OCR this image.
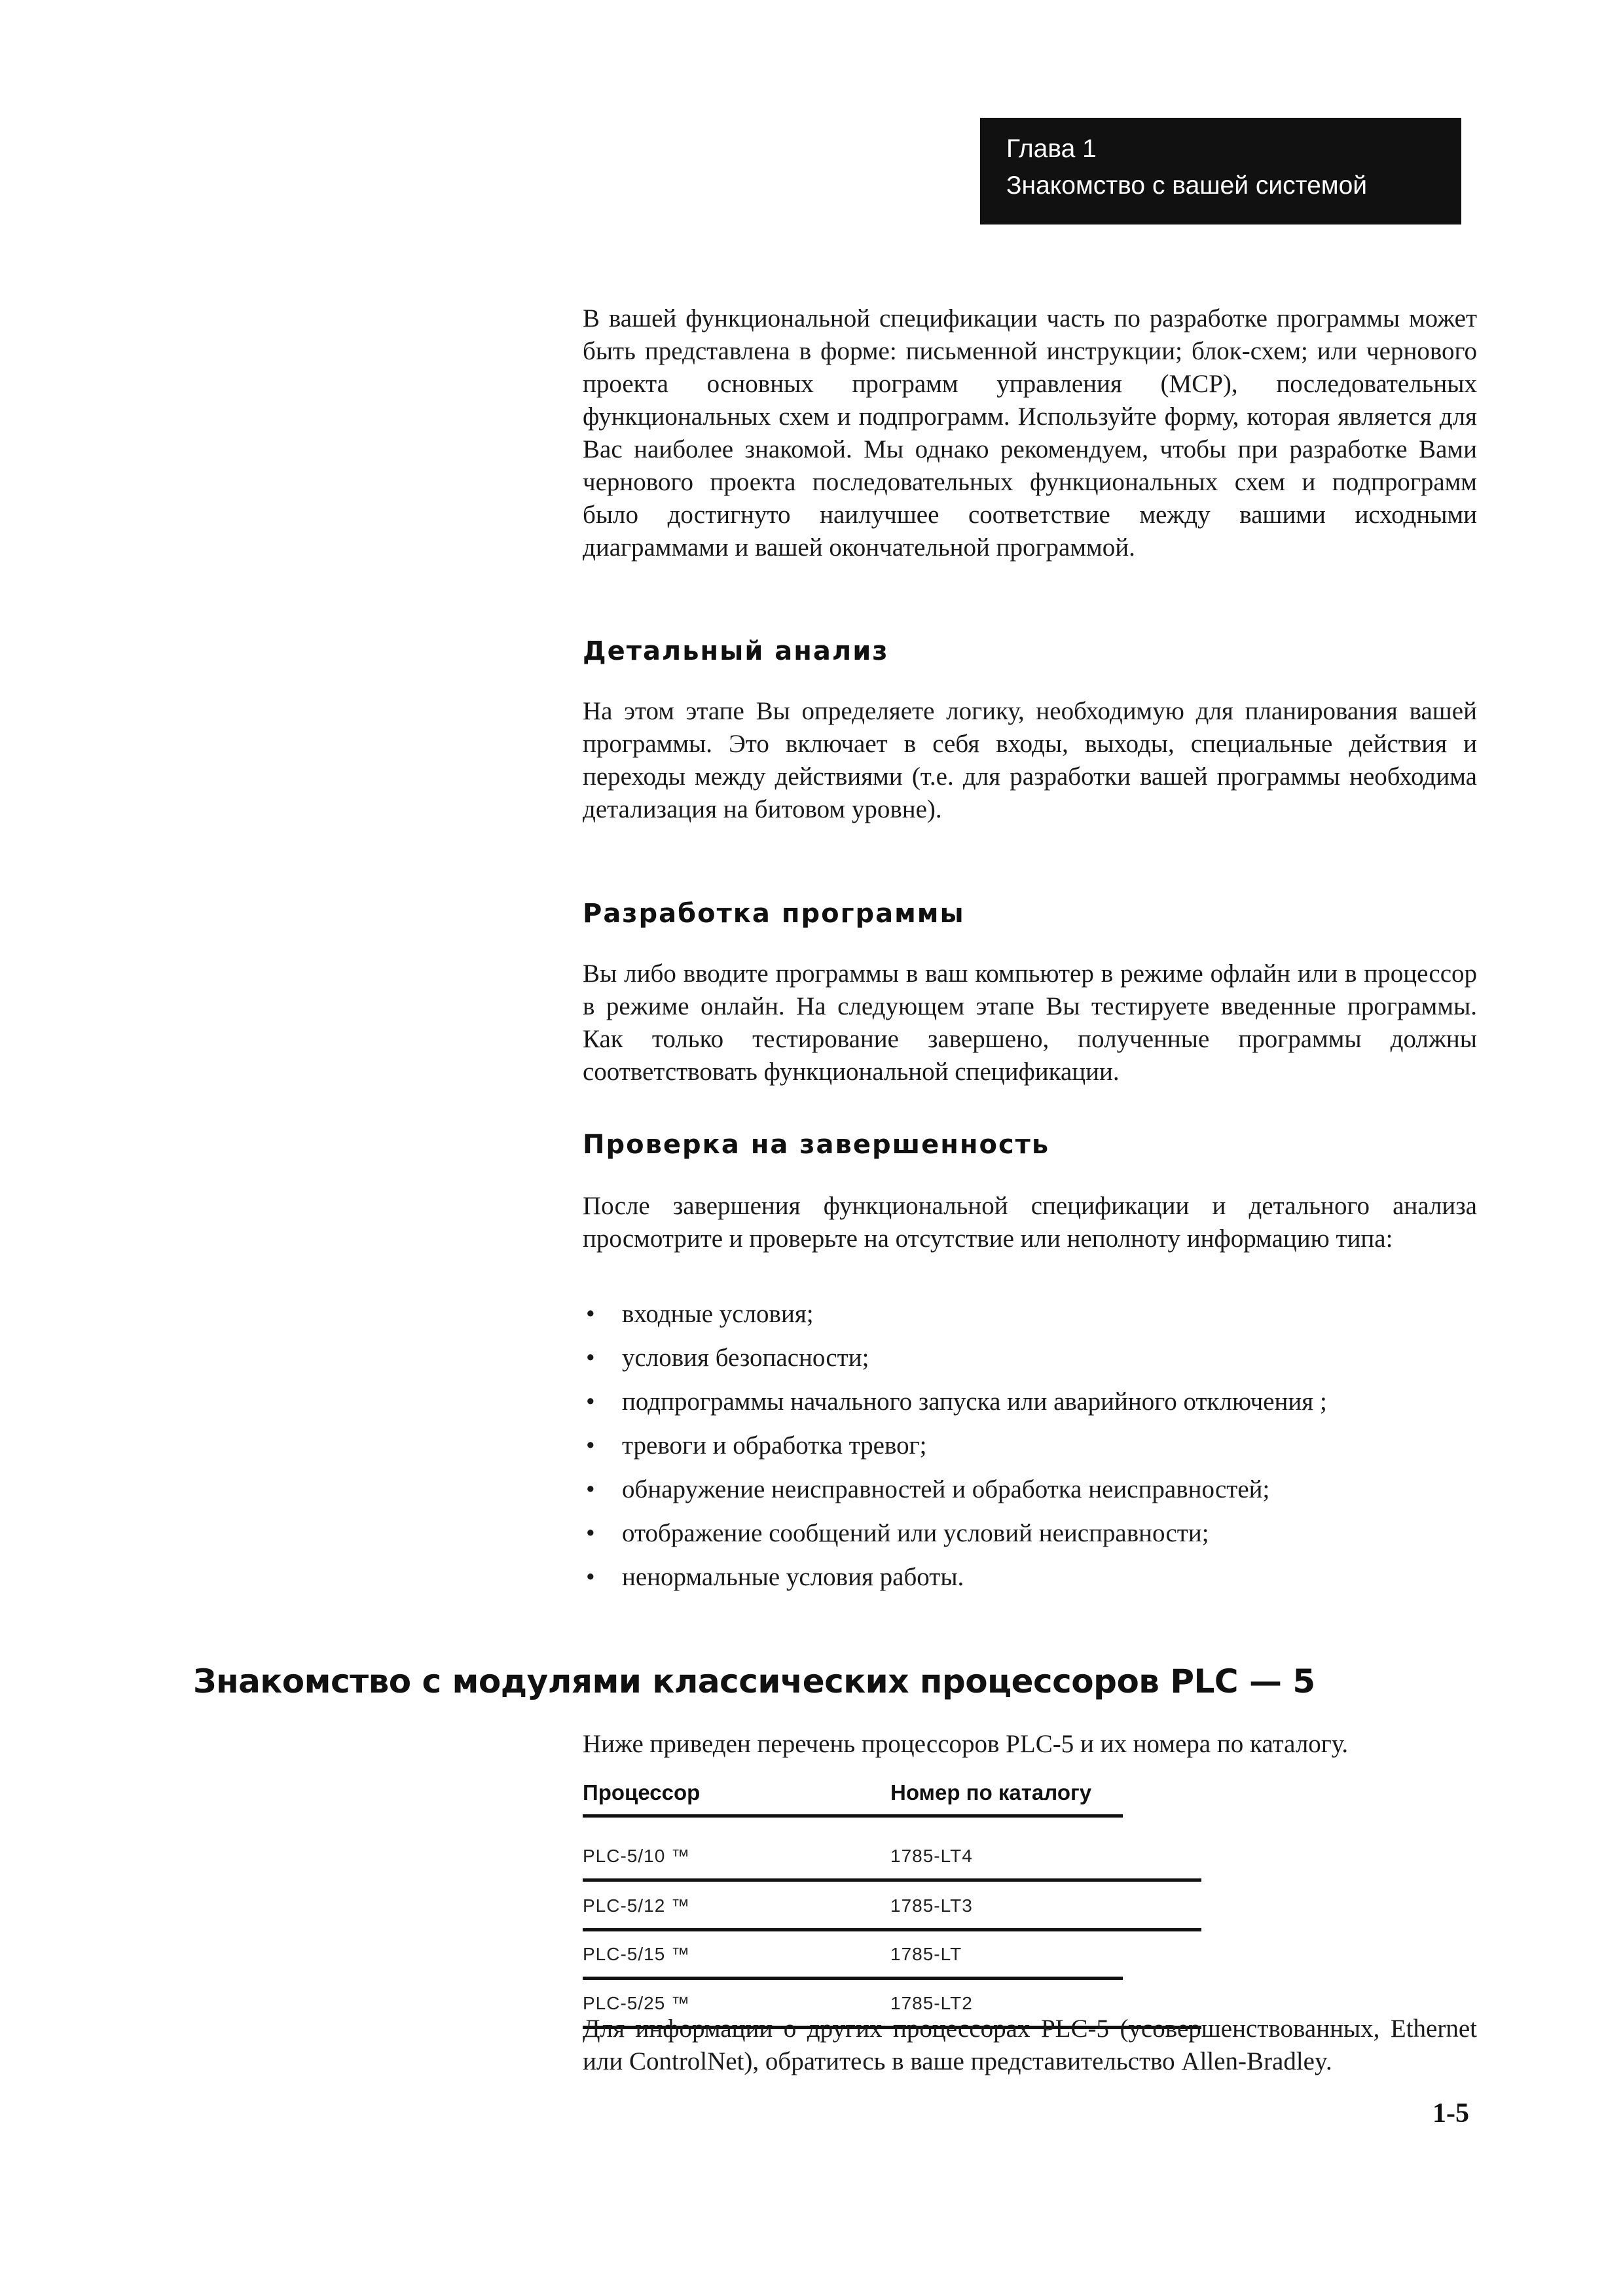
Глава 1
Знакомство с вашей системой

В вашей функциональной спецификации часть по разработке программы может быть представлена в форме: письменной инструкции; блок-схем; или чернового проекта основных программ управления (MCP), последовательных функциональных схем и подпрограмм. Используйте форму, которая является для Вас наиболее знакомой. Мы однако рекомендуем, чтобы при разработке Вами чернового проекта последовательных функциональных схем и подпрограмм было достигнуто наилучшее соответствие между вашими исходными диаграммами и вашей окончательной программой.

Детальный анализ

На этом этапе Вы определяете логику, необходимую для планирования вашей программы. Это включает в себя входы, выходы, специальные действия и переходы между действиями (т.е. для разработки вашей программы необходима детализация на битовом уровне).

Разработка программы

Вы либо вводите программы в ваш компьютер в режиме офлайн или в процессор в режиме онлайн. На следующем этапе Вы тестируете введенные программы. Как только тестирование завершено, полученные программы должны соответствовать функциональной спецификации.

Проверка на завершенность

После завершения функциональной спецификации и детального анализа просмотрите и проверьте на отсутствие или неполноту информацию типа:

• входные условия;
• условия безопасности;
• подпрограммы начального запуска или аварийного отключения ;
• тревоги и обработка тревог;
• обнаружение неисправностей и обработка неисправностей;
• отображение сообщений или условий неисправности;
• ненормальные условия работы.
Знакомство с модулями классических процессоров PLC — 5

Ниже приведен перечень процессоров PLC-5 и их номера по каталогу.

Процессор	Номер по каталогу
PLC-5/10 ™	1785-LT4
PLC-5/12 ™	1785-LT3
PLC-5/15 ™	1785-LT
PLC-5/25 ™	1785-LT2

Для информации о других процессорах PLC-5 (усовершенствованных, Ethernet или ControlNet), обратитесь в ваше представительство Allen-Bradley.

1-5
